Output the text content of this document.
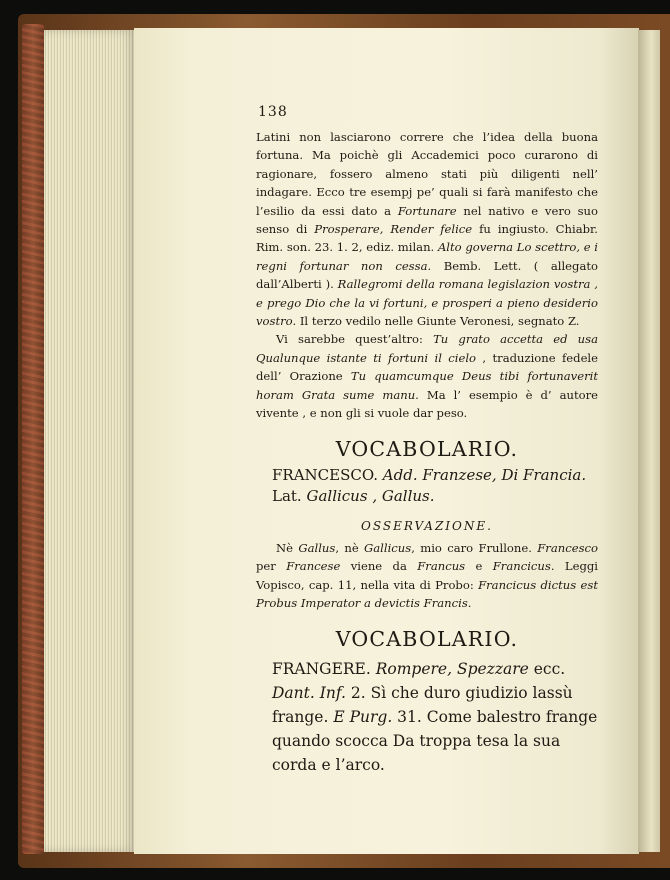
138

Latini non lasciarono correre che l’idea della buona fortuna. Ma poichè gli Accademici poco curarono di ragionare, fossero almeno stati più diligenti nell’ indagare. Ecco tre esempj pe’ quali si farà manifesto che l’esilio da essi dato a Fortunare nel nativo e vero suo senso di Prosperare, Render felice fu ingiusto. Chiabr. Rim. son. 23. 1. 2, ediz. milan. Alto governa Lo scettro, e i regni fortunar non cessa. Bemb. Lett. ( allegato dall’Alberti ). Rallegromi della romana legislazion vostra , e prego Dio che la vi fortuni, e prosperi a pieno desiderio vostro. Il terzo vedilo nelle Giunte Veronesi, segnato Z.

Vi sarebbe quest’altro: Tu grato accetta ed usa Qualunque istante ti fortuni il cielo , traduzione fedele dell’ Orazione Tu quamcumque Deus tibi fortunaverit horam Grata sume manu. Ma l’ esempio è d’ autore vivente , e non gli si vuole dar peso.

VOCABOLARIO.

FRANCESCO. Add. Franzese, Di Francia. Lat. Gallicus , Gallus.

OSSERVAZIONE.

Nè Gallus, nè Gallicus, mio caro Frullone. Francesco per Francese viene da Francus e Francicus. Leggi Vopisco, cap. 11, nella vita di Probo: Francicus dictus est Probus Imperator a devictis Francis.

VOCABOLARIO.

FRANGERE. Rompere, Spezzare ecc. Dant. Inf. 2. Sì che duro giudizio lassù frange. E Purg. 31. Come balestro frange quando scocca Da troppa tesa la sua corda e l’arco.
